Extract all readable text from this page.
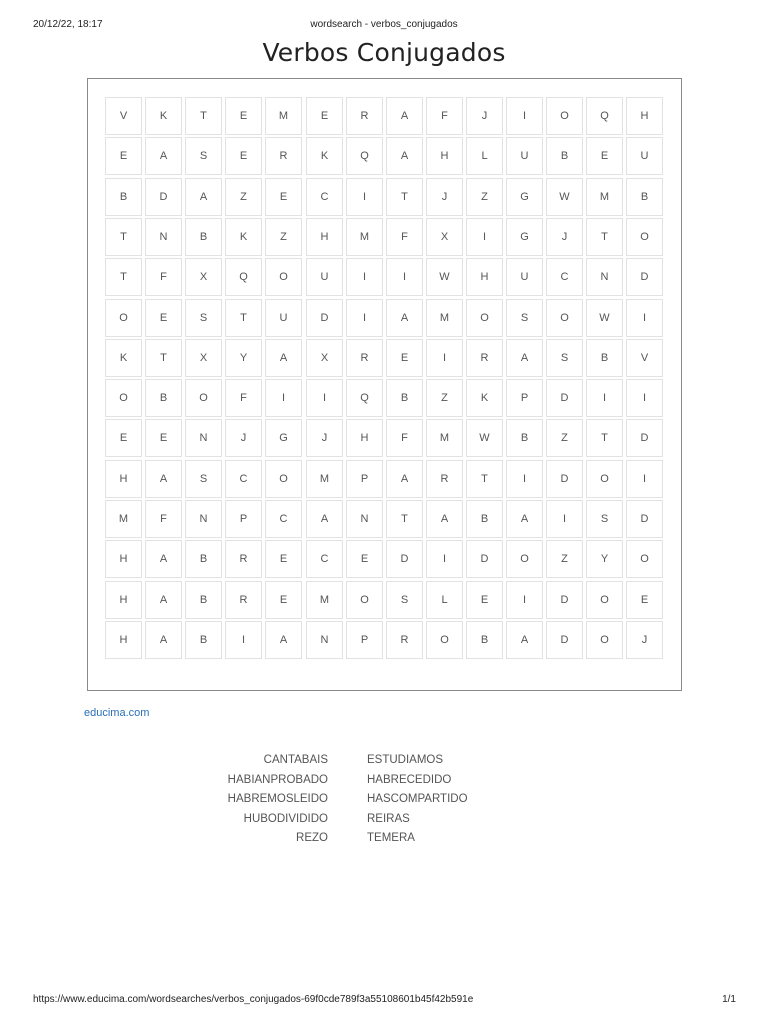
20/12/22, 18:17	wordsearch - verbos_conjugados
Verbos Conjugados
V	K	T	E	M	E	R	A	F	J	I	O	Q	H
E	A	S	E	R	K	Q	A	H	L	U	B	E	U
B	D	A	Z	E	C	I	T	J	Z	G	W	M	B
T	N	B	K	Z	H	M	F	X	I	G	J	T	O
T	F	X	Q	O	U	I	I	W	H	U	C	N	D
O	E	S	T	U	D	I	A	M	O	S	O	W	I
K	T	X	Y	A	X	R	E	I	R	A	S	B	V
O	B	O	F	I	I	Q	B	Z	K	P	D	I	I
E	E	N	J	G	J	H	F	M	W	B	Z	T	D
H	A	S	C	O	M	P	A	R	T	I	D	O	I
M	F	N	P	C	A	N	T	A	B	A	I	S	D
H	A	B	R	E	C	E	D	I	D	O	Z	Y	O
H	A	B	R	E	M	O	S	L	E	I	D	O	E
H	A	B	I	A	N	P	R	O	B	A	D	O	J
educima.com
CANTABAIS
HABIANPROBADO
HABREMOSLEIDO
HUBODIVIDIDO
REZO
ESTUDIAMOS
HABRECEDIDO
HASCOMPARTIDO
REIRAS
TEMERA
https://www.educima.com/wordsearches/verbos_conjugados-69f0cde789f3a55108601b45f42b591e	1/1
